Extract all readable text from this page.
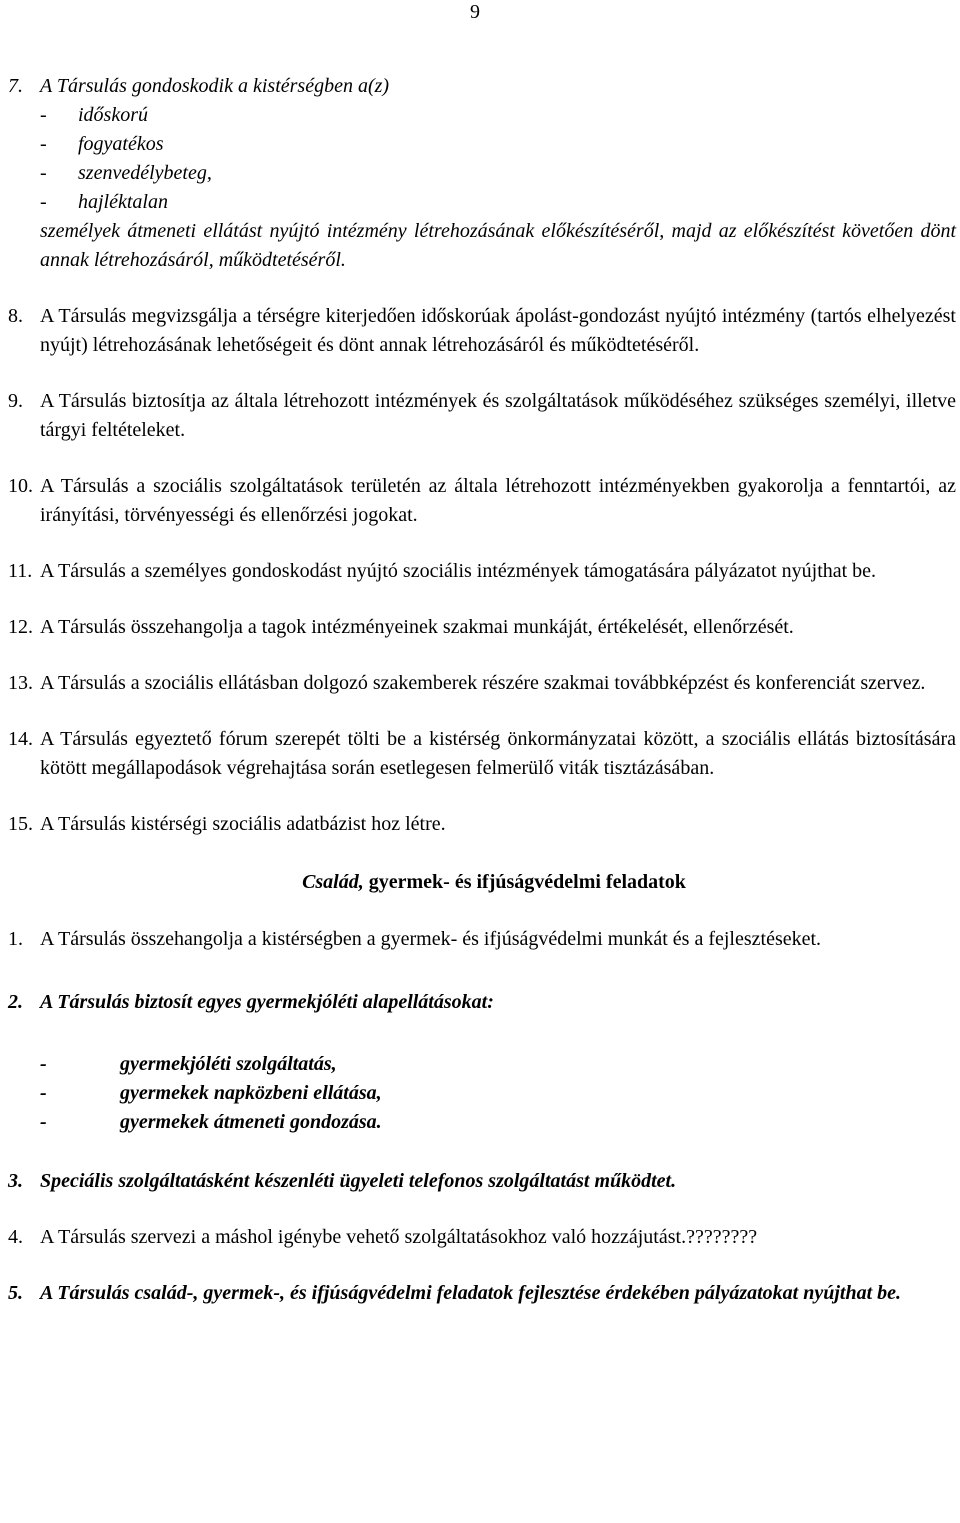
9
7. A Társulás gondoskodik a kistérségben a(z)
-	időskorú
-	fogyatékos
-	szenvedélybeteg,
-	hajléktalan
személyek átmeneti ellátást nyújtó intézmény létrehozásának előkészítéséről, majd az előkészítést követően dönt annak létrehozásáról, működtetéséről.
8. A Társulás megvizsgálja a térségre kiterjedően időskorúak ápolást-gondozást nyújtó intézmény (tartós elhelyezést nyújt) létrehozásának lehetőségeit és dönt annak létrehozásáról és működtetéséről.
9. A Társulás biztosítja az általa létrehozott intézmények és szolgáltatások működéséhez szükséges személyi, illetve tárgyi feltételeket.
10. A Társulás a szociális szolgáltatások területén az általa létrehozott intézményekben gyakorolja a fenntartói, az irányítási, törvényességi és ellenőrzési jogokat.
11. A Társulás a személyes gondoskodást nyújtó szociális intézmények támogatására pályázatot nyújthat be.
12. A Társulás összehangolja a tagok intézményeinek szakmai munkáját, értékelését, ellenőrzését.
13. A Társulás a szociális ellátásban dolgozó szakemberek részére szakmai továbbképzést és konferenciát szervez.
14. A Társulás egyeztető fórum szerepét tölti be a kistérség önkormányzatai között, a szociális ellátás biztosítására kötött megállapodások végrehajtása során esetlegesen felmerülő viták tisztázásában.
15. A Társulás kistérségi szociális adatbázist hoz létre.
Család, gyermek- és ifjúságvédelmi feladatok
1. A Társulás összehangolja a kistérségben a gyermek- és ifjúságvédelmi munkát és a fejlesztéseket.
2. A Társulás biztosít egyes gyermekjóléti alapellátásokat:
-	gyermekjóléti szolgáltatás,
-	gyermekek napközbeni ellátása,
-	gyermekek átmeneti gondozása.
3. Speciális szolgáltatásként készenléti ügyeleti telefonos szolgáltatást működtet.
4. A Társulás szervezi a máshol igénybe vehető szolgáltatásokhoz való hozzájutást.????????
5. A Társulás család-, gyermek-, és ifjúságvédelmi feladatok fejlesztése érdekében pályázatokat nyújthat be.
